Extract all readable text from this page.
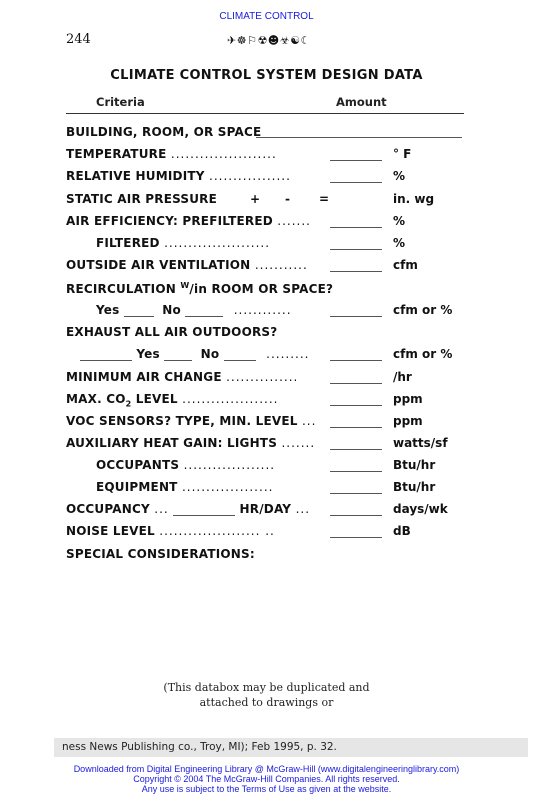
CLIMATE CONTROL
244	✈☸⚐☢☻☣☯☾
CLIMATE CONTROL SYSTEM DESIGN DATA
Criteria	Amount
BUILDING, ROOM, OR SPACE
TEMPERATURE ......................	° F
RELATIVE HUMIDITY .................	%
STATIC AIR PRESSURE	+ - =	in. wg
AIR EFFICIENCY: PREFILTERED .......	%
FILTERED ......................	%
OUTSIDE AIR VENTILATION ...........	cfm
RECIRCULATION $^W$/in ROOM OR SPACE?
Yes	No	............	cfm or %
EXHAUST ALL AIR OUTDOORS?
Yes	No	.........	cfm or %
MINIMUM AIR CHANGE ...............	/hr
MAX. $CO_2$ LEVEL ....................	ppm
VOC SENSORS? TYPE, MIN. LEVEL ...	ppm
AUXILIARY HEAT GAIN: LIGHTS .......	watts/sf
OCCUPANTS ...................	Btu/hr
EQUIPMENT ...................	Btu/hr
OCCUPANCY ...	HR/DAY ...	days/wk
NOISE LEVEL ..................... ..	dB
SPECIAL CONSIDERATIONS:
(This databox may be duplicated and
attached to drawings or
ness News Publishing co., Troy, MI); Feb 1995, p. 32.
Downloaded from Digital Engineering Library @ McGraw-Hill (www.digitalengineeringlibrary.com)
Copyright © 2004 The McGraw-Hill Companies. All rights reserved.
Any use is subject to the Terms of Use as given at the website.
